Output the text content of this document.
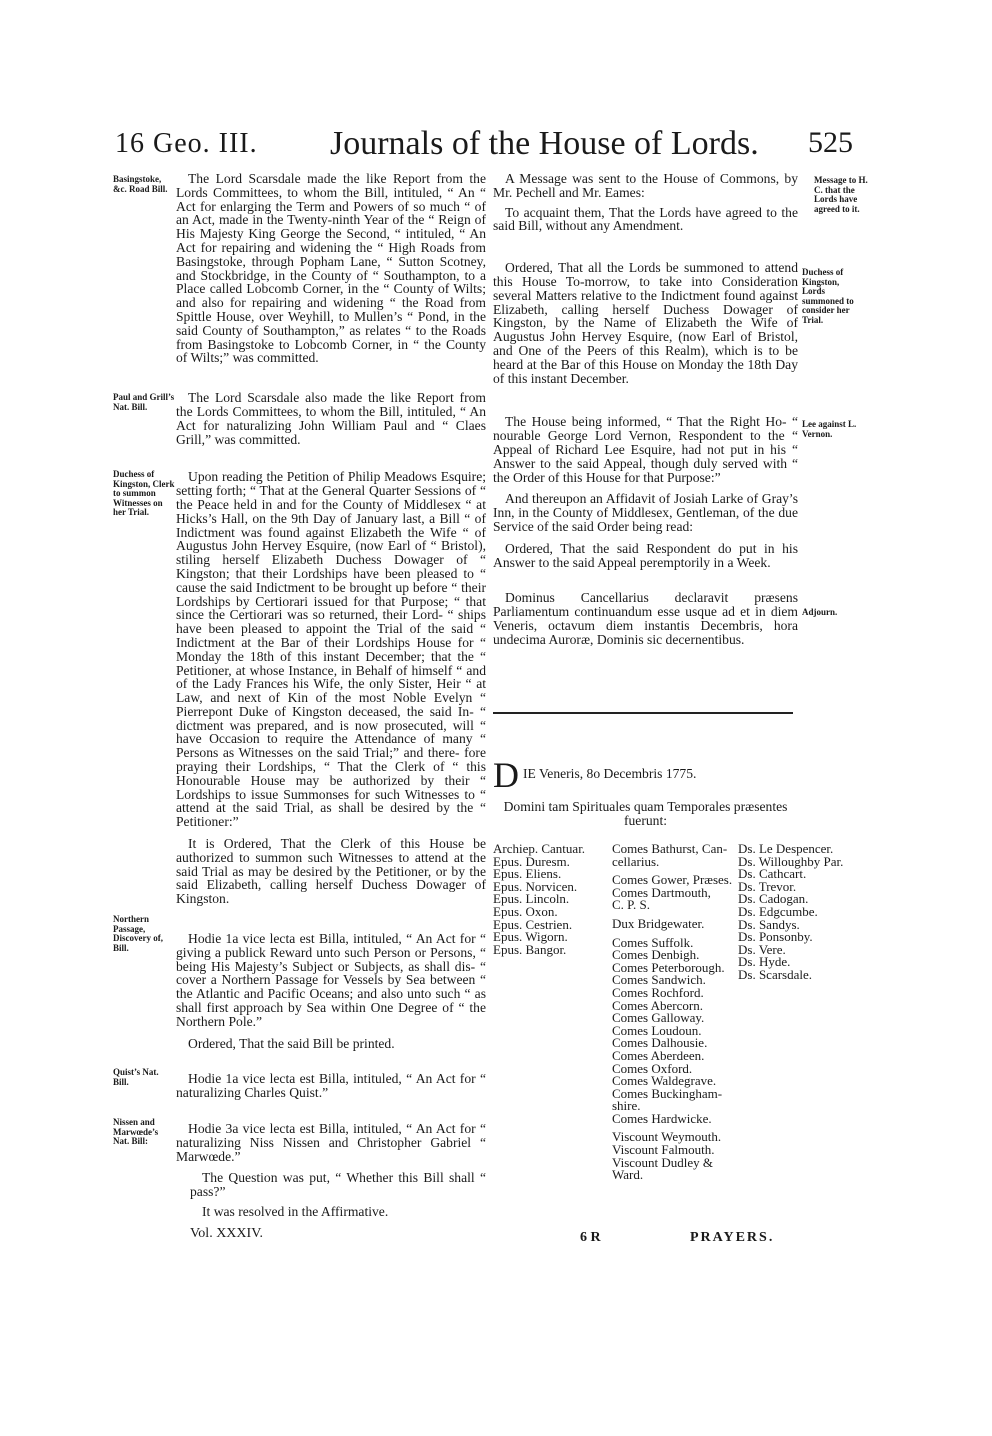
16 Geo. III. Journals of the House of Lords. 525
Basingstoke, &c. Road Bill.
Paul and Grill’s Nat. Bill.
Duchess of Kingston, Clerk to summon Witnesses on her Trial.
Northern Passage, Discovery of, Bill.
Quist’s Nat. Bill.
Nissen and Marwœde’s Nat. Bill:

The Lord Scarsdale made the like Report from the Lords Committees, to whom the Bill, intituled, “ An “ Act for enlarging the Term and Powers of so much “ of an Act, made in the Twenty-ninth Year of the “ Reign of His Majesty King George the Second, “ intituled, “ An Act for repairing and widening the “ High Roads from Basingstoke, through Popham Lane, “ Sutton Scotney, and Stockbridge, in the County of “ Southampton, to a Place called Lobcomb Corner, in the “ County of Wilts; and also for repairing and widening “ the Road from Spittle House, over Weyhill, to Mullen’s “ Pond, in the said County of Southampton,” as relates “ to the Roads from Basingstoke to Lobcomb Corner, in “ the County of Wilts;” was committed.

The Lord Scarsdale also made the like Report from the Lords Committees, to whom the Bill, intituled, “ An Act for naturalizing John William Paul and “ Claes Grill,” was committed.

Upon reading the Petition of Philip Meadows Esquire; setting forth; “ That at the General Quarter Sessions of “ the Peace held in and for the County of Middlesex “ at Hicks’s Hall, on the 9th Day of January last, a Bill “ of Indictment was found against Elizabeth the Wife “ of Augustus John Hervey Esquire, (now Earl of “ Bristol), stiling herself Elizabeth Duchess Dowager of “ Kingston; that their Lordships have been pleased to “ cause the said Indictment to be brought up before “ their Lordships by Certiorari issued for that Purpose; “ that since the Certiorari was so returned, their Lord- “ ships have been pleased to appoint the Trial of the said “ Indictment at the Bar of their Lordships House for “ Monday the 18th of this instant December; that the “ Petitioner, at whose Instance, in Behalf of himself “ and of the Lady Frances his Wife, the only Sister, Heir “ at Law, and next of Kin of the most Noble Evelyn “ Pierrepont Duke of Kingston deceased, the said In- “ dictment was prepared, and is now prosecuted, will “ have Occasion to require the Attendance of many “ Persons as Witnesses on the said Trial;” and there- fore praying their Lordships, “ That the Clerk of “ this Honourable House may be authorized by their “ Lordships to issue Summonses for such Witnesses to “ attend at the said Trial, as shall be desired by the “ Petitioner:”

It is Ordered, That the Clerk of this House be authorized to summon such Witnesses to attend at the said Trial as may be desired by the Petitioner, or by the said Elizabeth, calling herself Duchess Dowager of Kingston.

Hodie 1a vice lecta est Billa, intituled, “ An Act for “ giving a publick Reward unto such Person or Persons, “ being His Majesty’s Subject or Subjects, as shall dis- “ cover a Northern Passage for Vessels by Sea between “ the Atlantic and Pacific Oceans; and also unto such “ as shall first approach by Sea within One Degree of “ the Northern Pole.”

Ordered, That the said Bill be printed.

Hodie 1a vice lecta est Billa, intituled, “ An Act for “ naturalizing Charles Quist.”

Hodie 3a vice lecta est Billa, intituled, “ An Act for “ naturalizing Niss Nissen and Christopher Gabriel “ Marwœde.”

The Question was put, “ Whether this Bill shall “ pass?”

It was resolved in the Affirmative.

Message to H. C. that the Lords have agreed to it.
Duchess of Kingston, Lords summoned to consider her Trial.
Lee against L. Vernon.
Adjourn.

A Message was sent to the House of Commons, by Mr. Pechell and Mr. Eames:

To acquaint them, That the Lords have agreed to the said Bill, without any Amendment.

Ordered, That all the Lords be summoned to attend this House To-morrow, to take into Consideration several Matters relative to the Indictment found against Elizabeth, calling herself Duchess Dowager of Kingston, by the Name of Elizabeth the Wife of Augustus John Hervey Esquire, (now Earl of Bristol, and One of the Peers of this Realm), which is to be heard at the Bar of this House on Monday the 18th Day of this instant December.

The House being informed, “ That the Right Ho- “ nourable George Lord Vernon, Respondent to the “ Appeal of Richard Lee Esquire, had not put in his “ Answer to the said Appeal, though duly served with “ the Order of this House for that Purpose:”

And thereupon an Affidavit of Josiah Larke of Gray’s Inn, in the County of Middlesex, Gentleman, of the due Service of the said Order being read:

Ordered, That the said Respondent do put in his Answer to the said Appeal peremptorily in a Week.

Dominus Cancellarius declaravit præsens Parliamentum continuandum esse usque ad et in diem Veneris, octavum diem instantis Decembris, hora undecima Auroræ, Dominis sic decernentibus.

D IE Veneris, 8o Decembris 1775.
Domini tam Spirituales quam Temporales præsentes fuerunt:
Archiep. Cantuar.
Epus. Duresm.
Epus. Eliens.
Epus. Norvicen.
Epus. Lincoln.
Epus. Oxon.
Epus. Cestrien.
Epus. Wigorn.
Epus. Bangor.
Comes Bathurst, Can-
cellarius.
Comes Gower, Præses.
Comes Dartmouth,
C. P. S.
Dux Bridgewater.
Comes Suffolk.
Comes Denbigh.
Comes Peterborough.
Comes Sandwich.
Comes Rochford.
Comes Abercorn.
Comes Galloway.
Comes Loudoun.
Comes Dalhousie.
Comes Aberdeen.
Comes Oxford.
Comes Waldegrave.
Comes Buckingham-
shire.
Comes Hardwicke.
Viscount Weymouth.
Viscount Falmouth.
Viscount Dudley &
Ward.
Ds. Le Despencer.
Ds. Willoughby Par.
Ds. Cathcart.
Ds. Trevor.
Ds. Cadogan.
Ds. Edgcumbe.
Ds. Sandys.
Ds. Ponsonby.
Ds. Vere.
Ds. Hyde.
Ds. Scarsdale.
Vol. XXXIV.	6 R	PRAYERS.
